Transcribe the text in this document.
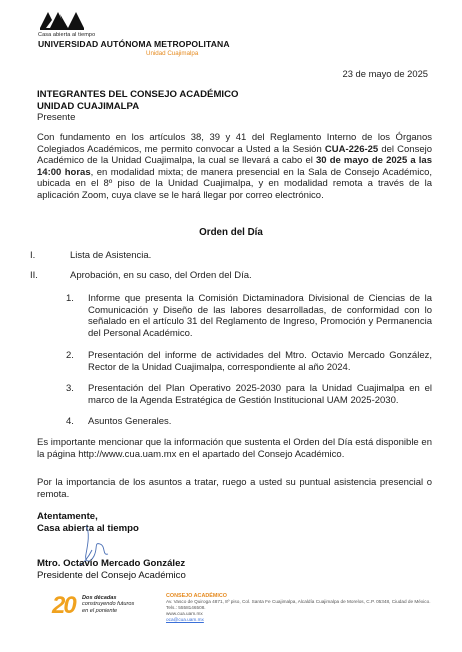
Casa abierta al tiempo
UNIVERSIDAD AUTÓNOMA METROPOLITANA
Unidad Cuajimalpa
23 de mayo de 2025
INTEGRANTES DEL CONSEJO ACADÉMICO
UNIDAD CUAJIMALPA
Presente
Con fundamento en los artículos 38, 39 y 41 del Reglamento Interno de los Órganos Colegiados Académicos, me permito convocar a Usted a la Sesión CUA-226-25 del Consejo Académico de la Unidad Cuajimalpa, la cual se llevará a cabo el 30 de mayo de 2025 a las 14:00 horas, en modalidad mixta; de manera presencial en la Sala de Consejo Académico, ubicada en el 8º piso de la Unidad Cuajimalpa, y en modalidad remota a través de la aplicación Zoom, cuya clave se le hará llegar por correo electrónico.
Orden del Día
I.	Lista de Asistencia.
II.	Aprobación, en su caso, del Orden del Día.
1.	Informe que presenta la Comisión Dictaminadora Divisional de Ciencias de la Comunicación y Diseño de las labores desarrolladas, de conformidad con lo señalado en el artículo 31 del Reglamento de Ingreso, Promoción y Permanencia del Personal Académico.
2.	Presentación del informe de actividades del Mtro. Octavio Mercado González, Rector de la Unidad Cuajimalpa, correspondiente al año 2024.
3.	Presentación del Plan Operativo 2025-2030 para la Unidad Cuajimalpa en el marco de la Agenda Estratégica de Gestión Institucional UAM 2025-2030.
4.	Asuntos Generales.
Es importante mencionar que la información que sustenta el Orden del Día está disponible en la página http://www.cua.uam.mx en el apartado del Consejo Académico.
Por la importancia de los asuntos a tratar, ruego a usted su puntual asistencia presencial o remota.
Atentamente,
Casa abierta al tiempo
Mtro. Octavio Mercado González
Presidente del Consejo Académico
20 Dos décadas
construyendo futuros
en el poniente
CONSEJO ACADÉMICO
Av. Vasco de Quiroga 4871, 8º piso, Col. Santa Fe Cuajimalpa, Alcaldía Cuajimalpa de Morelos, C.P. 05348, Ciudad de México. Tels.: 5558146508.
www.cua.uam.mx
oca@cua.uam.mx
